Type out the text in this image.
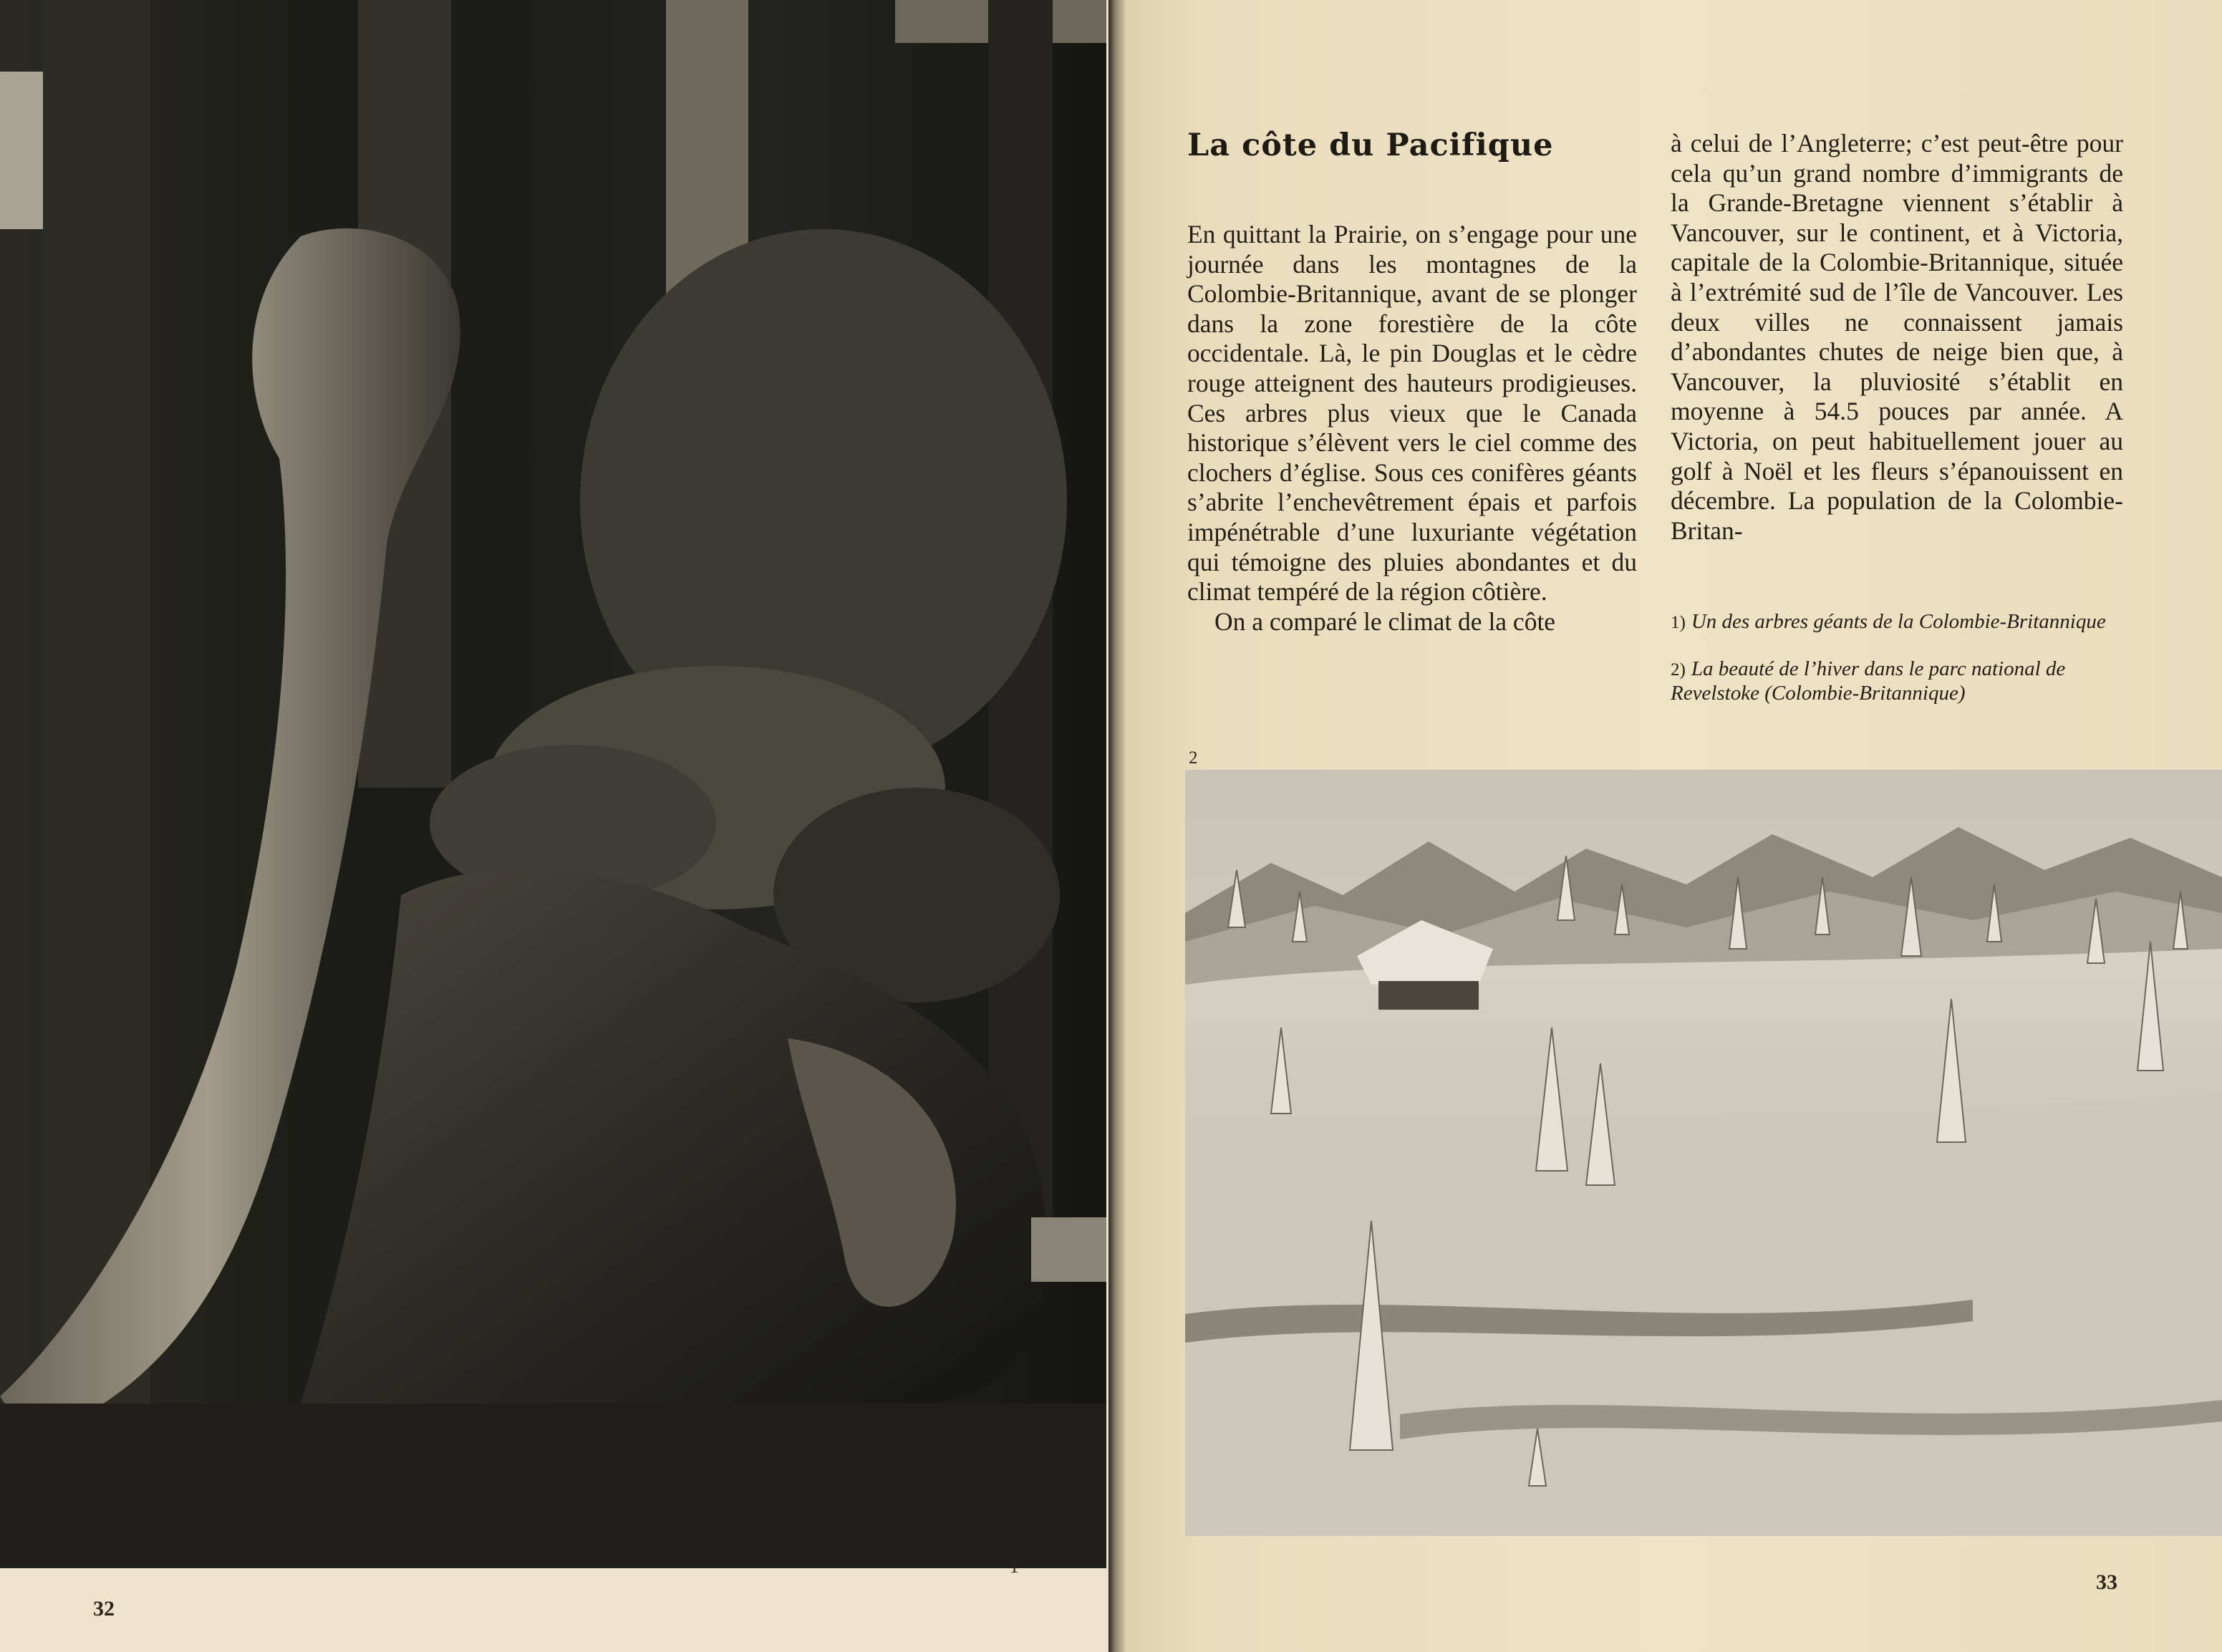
La côte du Pacifique

En quittant la Prairie, on s’engage pour une journée dans les montagnes de la Colombie-Britannique, avant de se plonger dans la zone forestière de la côte occidentale. Là, le pin Douglas et le cèdre rouge atteignent des hauteurs prodigieuses. Ces arbres plus vieux que le Canada historique s’élèvent vers le ciel comme des clochers d’église. Sous ces conifères géants s’abrite l’enchevêtrement épais et parfois impénétrable d’une luxuriante végétation qui témoigne des pluies abondantes et du climat tempéré de la région côtière.

On a comparé le climat de la côte

à celui de l’Angleterre; c’est peut-être pour cela qu’un grand nombre d’immigrants de la Grande-Bretagne viennent s’établir à Vancouver, sur le continent, et à Victoria, capitale de la Colombie-Britannique, située à l’extrémité sud de l’île de Vancouver. Les deux villes ne connaissent jamais d’abondantes chutes de neige bien que, à Vancouver, la pluviosité s’établit en moyenne à 54.5 pouces par année. A Victoria, on peut habituellement jouer au golf à Noël et les fleurs s’épanouissent en décembre. La population de la Colombie-Britan-

1) Un des arbres géants de la Colombie-Britannique

2) La beauté de l’hiver dans le parc national de Revelstoke (Colombie-Britannique)

2
1
32
33
